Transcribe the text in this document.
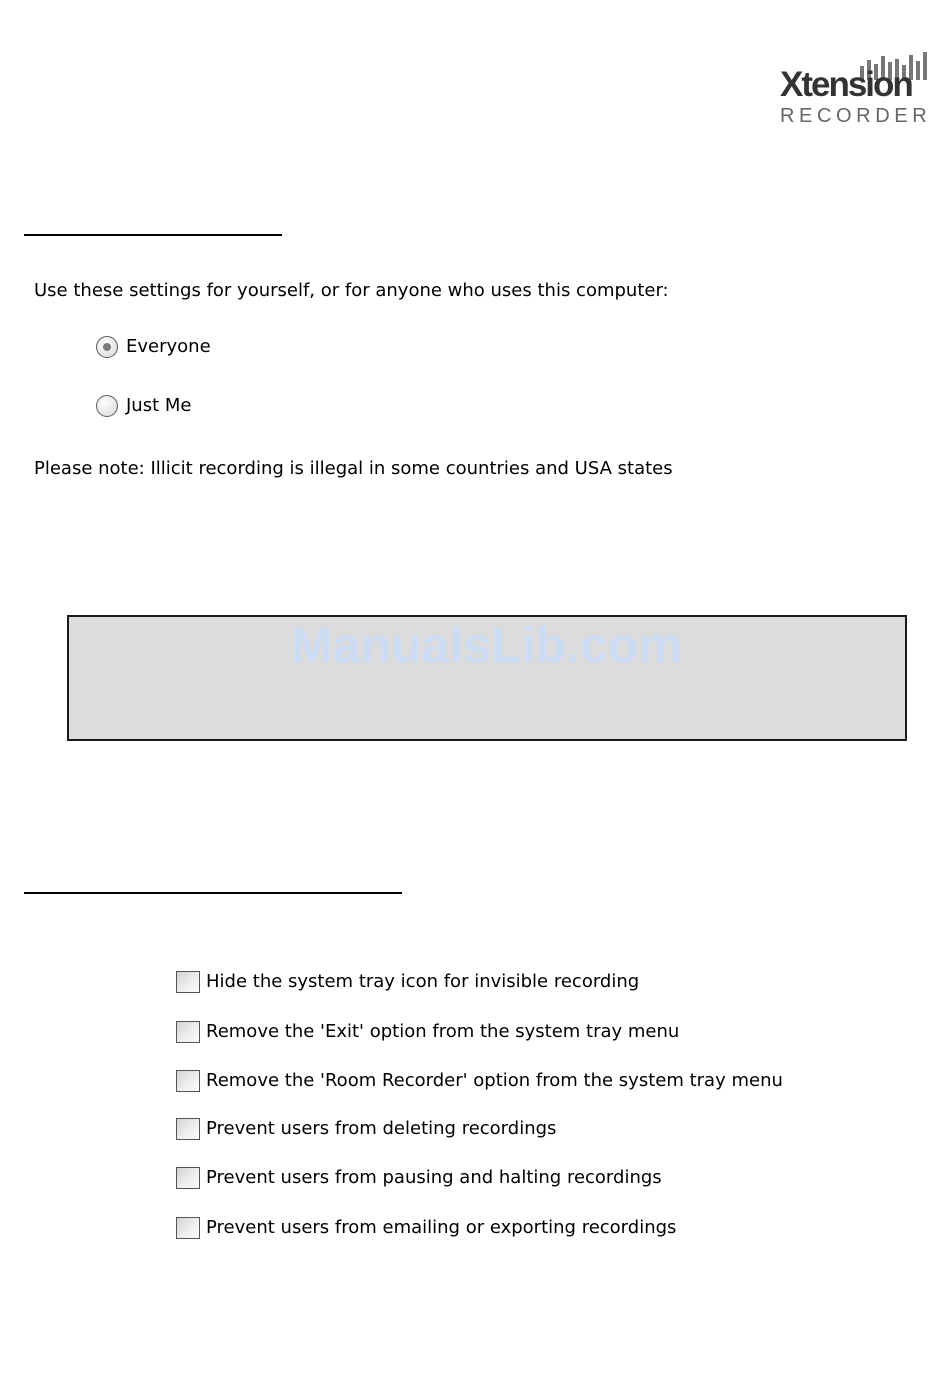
Xtension
RECORDER
Use these settings for yourself, or for anyone who uses this computer:
Everyone
Just Me
Please note: Illicit recording is illegal in some countries and USA states
ManualsLib.com
Hide the system tray icon for invisible recording
Remove the 'Exit' option from the system tray menu
Remove the 'Room Recorder' option from the system tray menu
Prevent users from deleting recordings
Prevent users from pausing and halting recordings
Prevent users from emailing or exporting recordings
